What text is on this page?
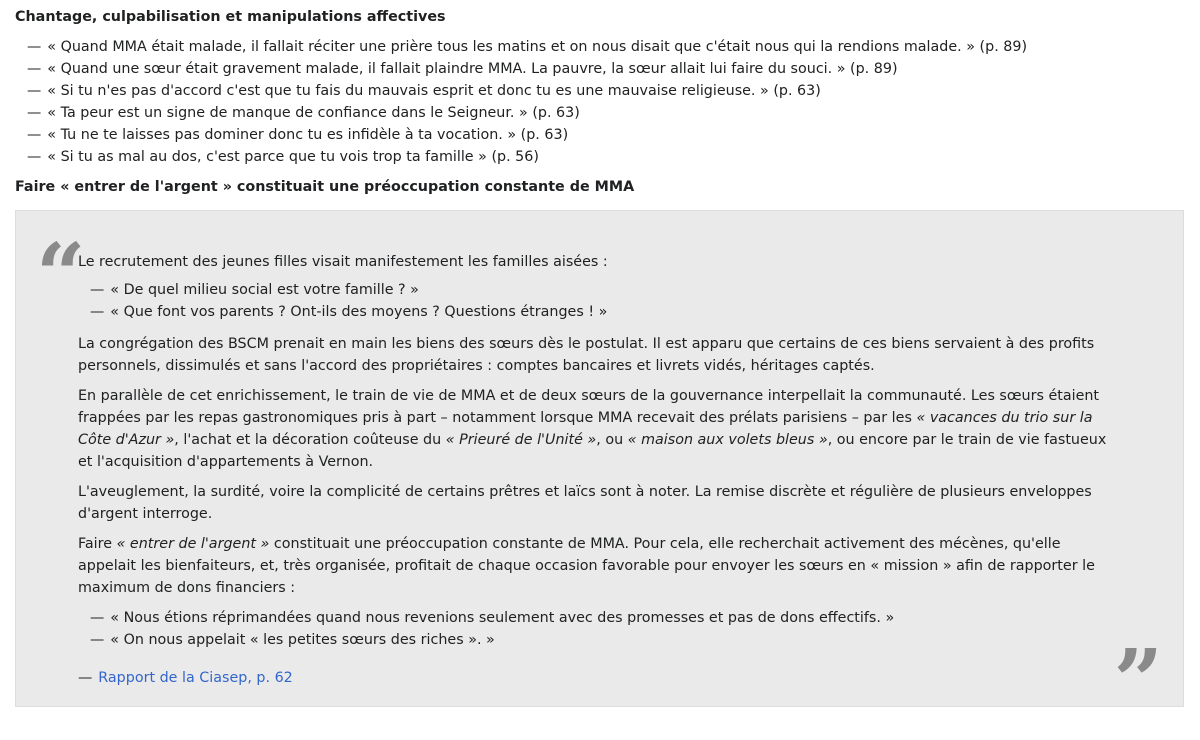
Chantage, culpabilisation et manipulations affectives
— « Quand MMA était malade, il fallait réciter une prière tous les matins et on nous disait que c'était nous qui la rendions malade. » (p. 89)
— « Quand une sœur était gravement malade, il fallait plaindre MMA. La pauvre, la sœur allait lui faire du souci. » (p. 89)
— « Si tu n'es pas d'accord c'est que tu fais du mauvais esprit et donc tu es une mauvaise religieuse. » (p. 63)
— « Ta peur est un signe de manque de confiance dans le Seigneur. » (p. 63)
— « Tu ne te laisses pas dominer donc tu es infidèle à ta vocation. » (p. 63)
— « Si tu as mal au dos, c'est parce que tu vois trop ta famille » (p. 56)
Faire « entrer de l'argent » constituait une préoccupation constante de MMA
“

Le recrutement des jeunes filles visait manifestement les familles aisées :

— « De quel milieu social est votre famille ? »
— « Que font vos parents ? Ont-ils des moyens ? Questions étranges ! »

La congrégation des BSCM prenait en main les biens des sœurs dès le postulat. Il est apparu que certains de ces biens servaient à des profits personnels, dissimulés et sans l'accord des propriétaires : comptes bancaires et livrets vidés, héritages captés.

En parallèle de cet enrichissement, le train de vie de MMA et de deux sœurs de la gouvernance interpellait la communauté. Les sœurs étaient frappées par les repas gastronomiques pris à part – notamment lorsque MMA recevait des prélats parisiens – par les « vacances du trio sur la Côte d'Azur », l'achat et la décoration coûteuse du « Prieuré de l'Unité », ou « maison aux volets bleus », ou encore par le train de vie fastueux et l'acquisition d'appartements à Vernon.

L'aveuglement, la surdité, voire la complicité de certains prêtres et laïcs sont à noter. La remise discrète et régulière de plusieurs enveloppes d'argent interroge.

Faire « entrer de l'argent » constituait une préoccupation constante de MMA. Pour cela, elle recherchait activement des mécènes, qu'elle appelait les bienfaiteurs, et, très organisée, profitait de chaque occasion favorable pour envoyer les sœurs en « mission » afin de rapporter le maximum de dons financiers :

— « Nous étions réprimandées quand nous revenions seulement avec des promesses et pas de dons effectifs. »
— « On nous appelait « les petites sœurs des riches ». »

— Rapport de la Ciasep, p. 62	”
